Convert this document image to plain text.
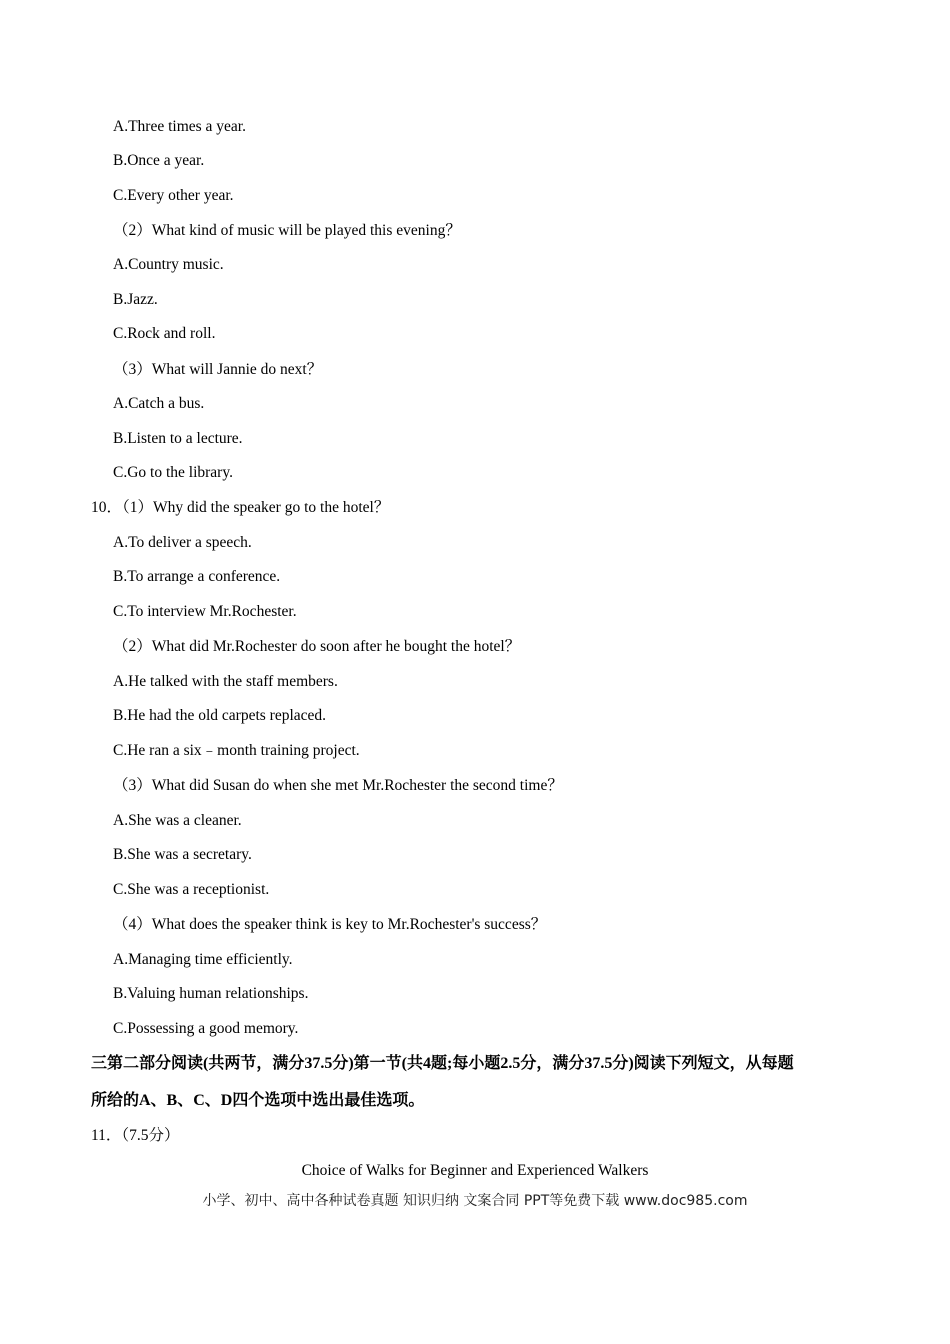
A.Three times a year.
B.Once a year.
C.Every other year.
（2）What kind of music will be played this evening？
A.Country music.
B.Jazz.
C.Rock and roll.
（3）What will Jannie do next？
A.Catch a bus.
B.Listen to a lecture.
C.Go to the library.
10．（1）Why did the speaker go to the hotel？
A.To deliver a speech.
B.To arrange a conference.
C.To interview Mr.Rochester.
（2）What did Mr.Rochester do soon after he bought the hotel？
A.He talked with the staff members.
B.He had the old carpets replaced.
C.He ran a six﹣month training project.
（3）What did Susan do when she met Mr.Rochester the second time？
A.She was a cleaner.
B.She was a secretary.
C.She was a receptionist.
（4）What does the speaker think is key to Mr.Rochester's success？
A.Managing time efficiently.
B.Valuing human relationships.
C.Possessing a good memory.
三第二部分阅读(共两节，满分37.5分)第一节(共4题;每小题2.5分，满分37.5分)阅读下列短文，从每题
所给的A、B、C、D四个选项中选出最佳选项。
11．（7.5分）
Choice of Walks for Beginner and Experienced Walkers
小学、初中、高中各种试卷真题 知识归纳 文案合同 PPT等免费下载 www.doc985.com
